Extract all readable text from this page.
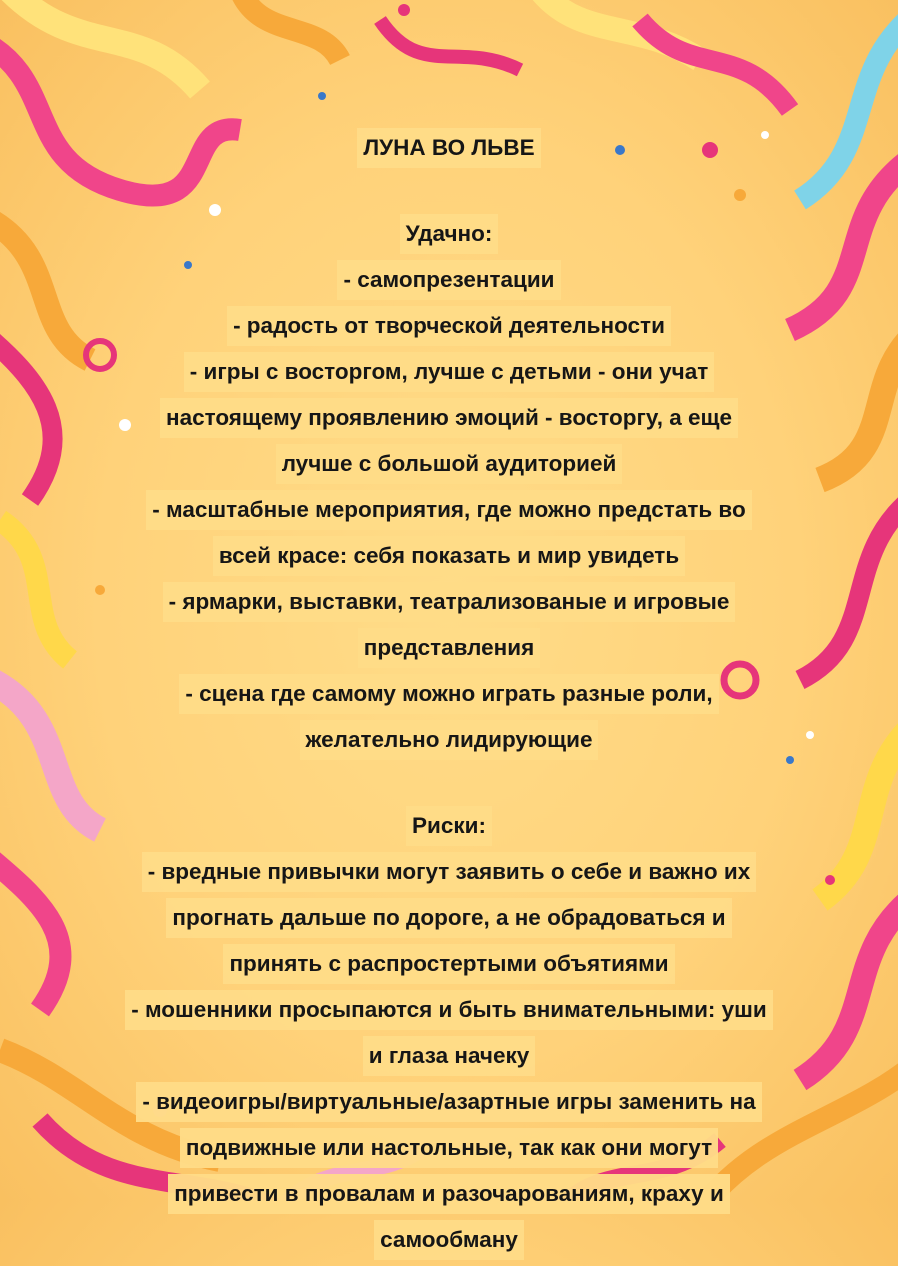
ЛУНА ВО ЛЬВЕ
Удачно:
- самопрезентации
- радость от творческой деятельности
- игры с восторгом, лучше с детьми - они учат
настоящему проявлению эмоций - восторгу, а еще
лучше с большой аудиторией
- масштабные мероприятия, где можно предстать во
всей красе: себя показать и мир увидеть
- ярмарки, выставки, театрализованые и игровые
представления
- сцена где самому можно играть разные роли,
желательно лидирующие
Риски:
- вредные привычки могут заявить о себе и важно их
прогнать дальше по дороге, а не обрадоваться и
принять с распростертыми объятиями
- мошенники просыпаются и быть внимательными: уши
и глаза начеку
- видеоигры/виртуальные/азартные игры заменить на
подвижные или настольные, так как они могут
привести в провалам и разочарованиям, краху и
самообману
